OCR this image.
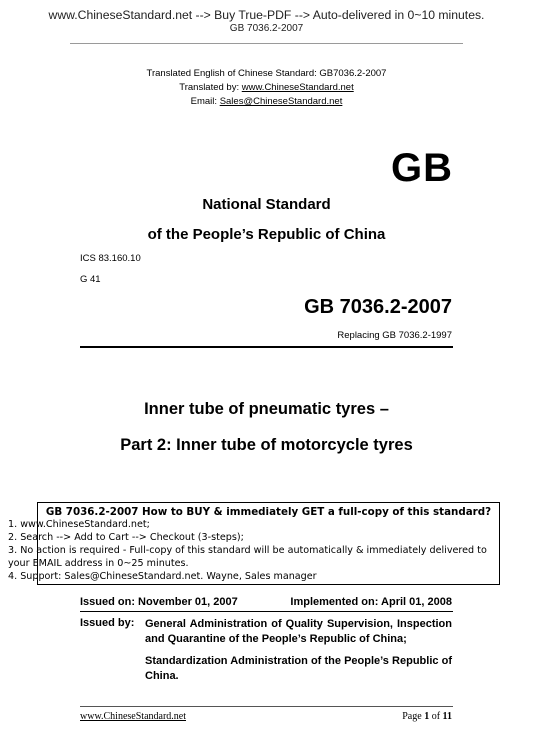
www.ChineseStandard.net --> Buy True-PDF --> Auto-delivered in 0~10 minutes.
GB 7036.2-2007
Translated English of Chinese Standard: GB7036.2-2007
Translated by: www.ChineseStandard.net
Email: Sales@ChineseStandard.net
GB
National Standard
of the People’s Republic of China
ICS 83.160.10
G 41
GB 7036.2-2007
Replacing GB 7036.2-1997
Inner tube of pneumatic tyres –
Part 2: Inner tube of motorcycle tyres
GB 7036.2-2007 How to BUY & immediately GET a full-copy of this standard?
1. www.ChineseStandard.net;
2. Search --> Add to Cart --> Checkout (3-steps);
3. No action is required - Full-copy of this standard will be automatically & immediately delivered to
your EMAIL address in 0~25 minutes.
4. Support: Sales@ChineseStandard.net. Wayne, Sales manager
Issued on: November 01, 2007	Implemented on: April 01, 2008
Issued by: General Administration of Quality Supervision, Inspection and Quarantine of the People’s Republic of China;
Standardization Administration of the People’s Republic of China.
www.ChineseStandard.net	Page 1 of 11
